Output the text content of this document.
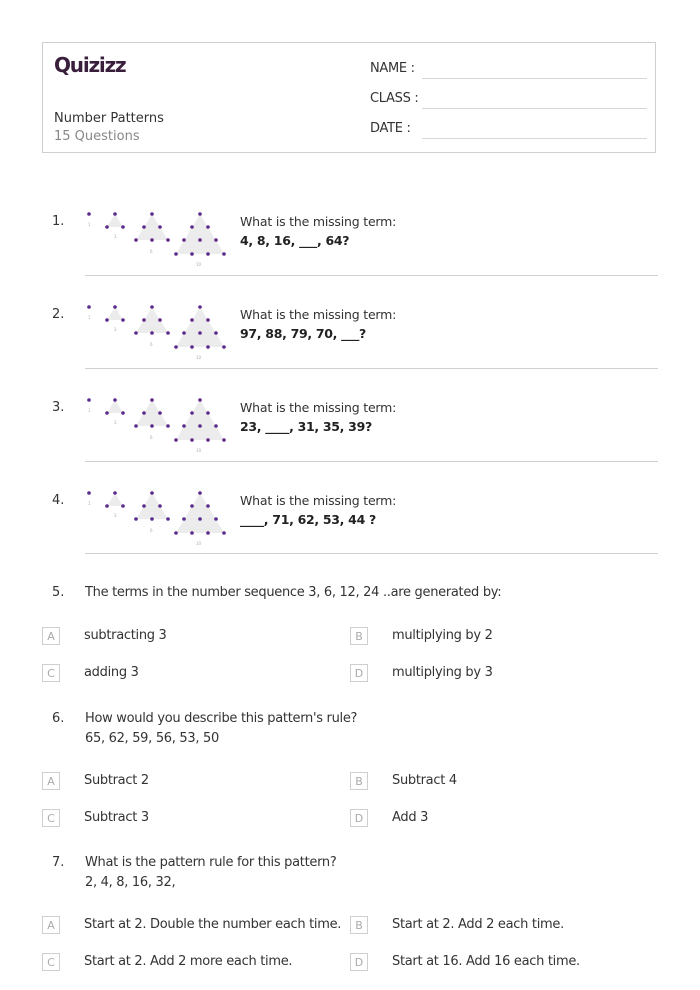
Quizizz
Number Patterns
15 Questions
NAME :
CLASS :
DATE :
1.	What is the missing term:
4, 8, 16, ___, 64?
2.	What is the missing term:
97, 88, 79, 70, ___?
3.	What is the missing term:
23, ____, 31, 35, 39?
4.	What is the missing term:
____, 71, 62, 53, 44 ?
5. The terms in the number sequence 3, 6, 12, 24 ..are generated by:
A	subtracting 3	B	multiplying by 2
C	adding 3	D	multiplying by 3
6. How would you describe this pattern's rule?
65, 62, 59, 56, 53, 50
A	Subtract 2	B	Subtract 4
C	Subtract 3	D	Add 3
7. What is the pattern rule for this pattern?
2, 4, 8, 16, 32,
A	Start at 2. Double the number each time.	B	Start at 2. Add 2 each time.
C	Start at 2. Add 2 more each time.	D	Start at 16. Add 16 each time.
